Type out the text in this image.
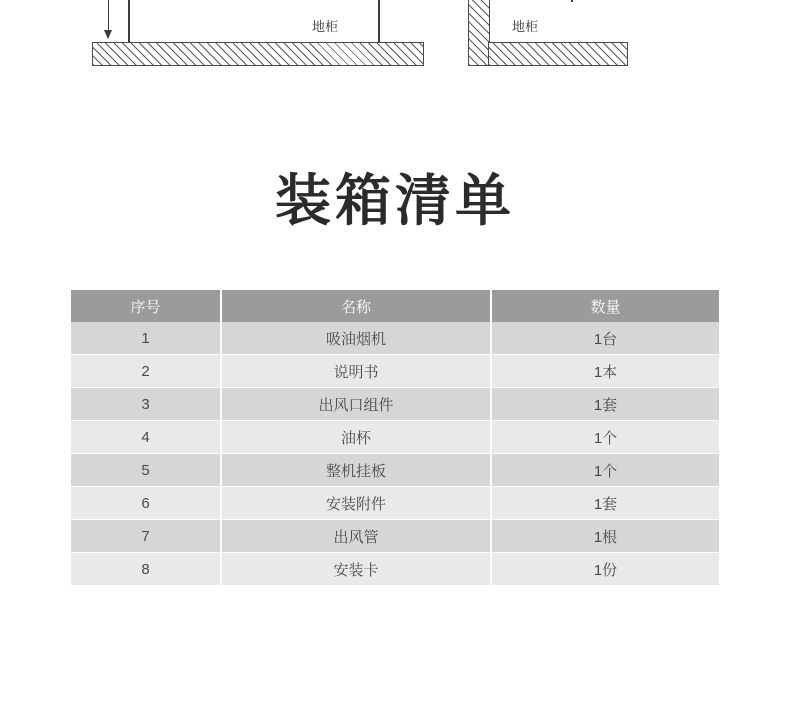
地柜	地柜
装箱清单
序号	名称	数量
1	吸油烟机	1台
2	说明书	1本
3	出风口组件	1套
4	油杯	1个
5	整机挂板	1个
6	安装附件	1套
7	出风管	1根
8	安装卡	1份
